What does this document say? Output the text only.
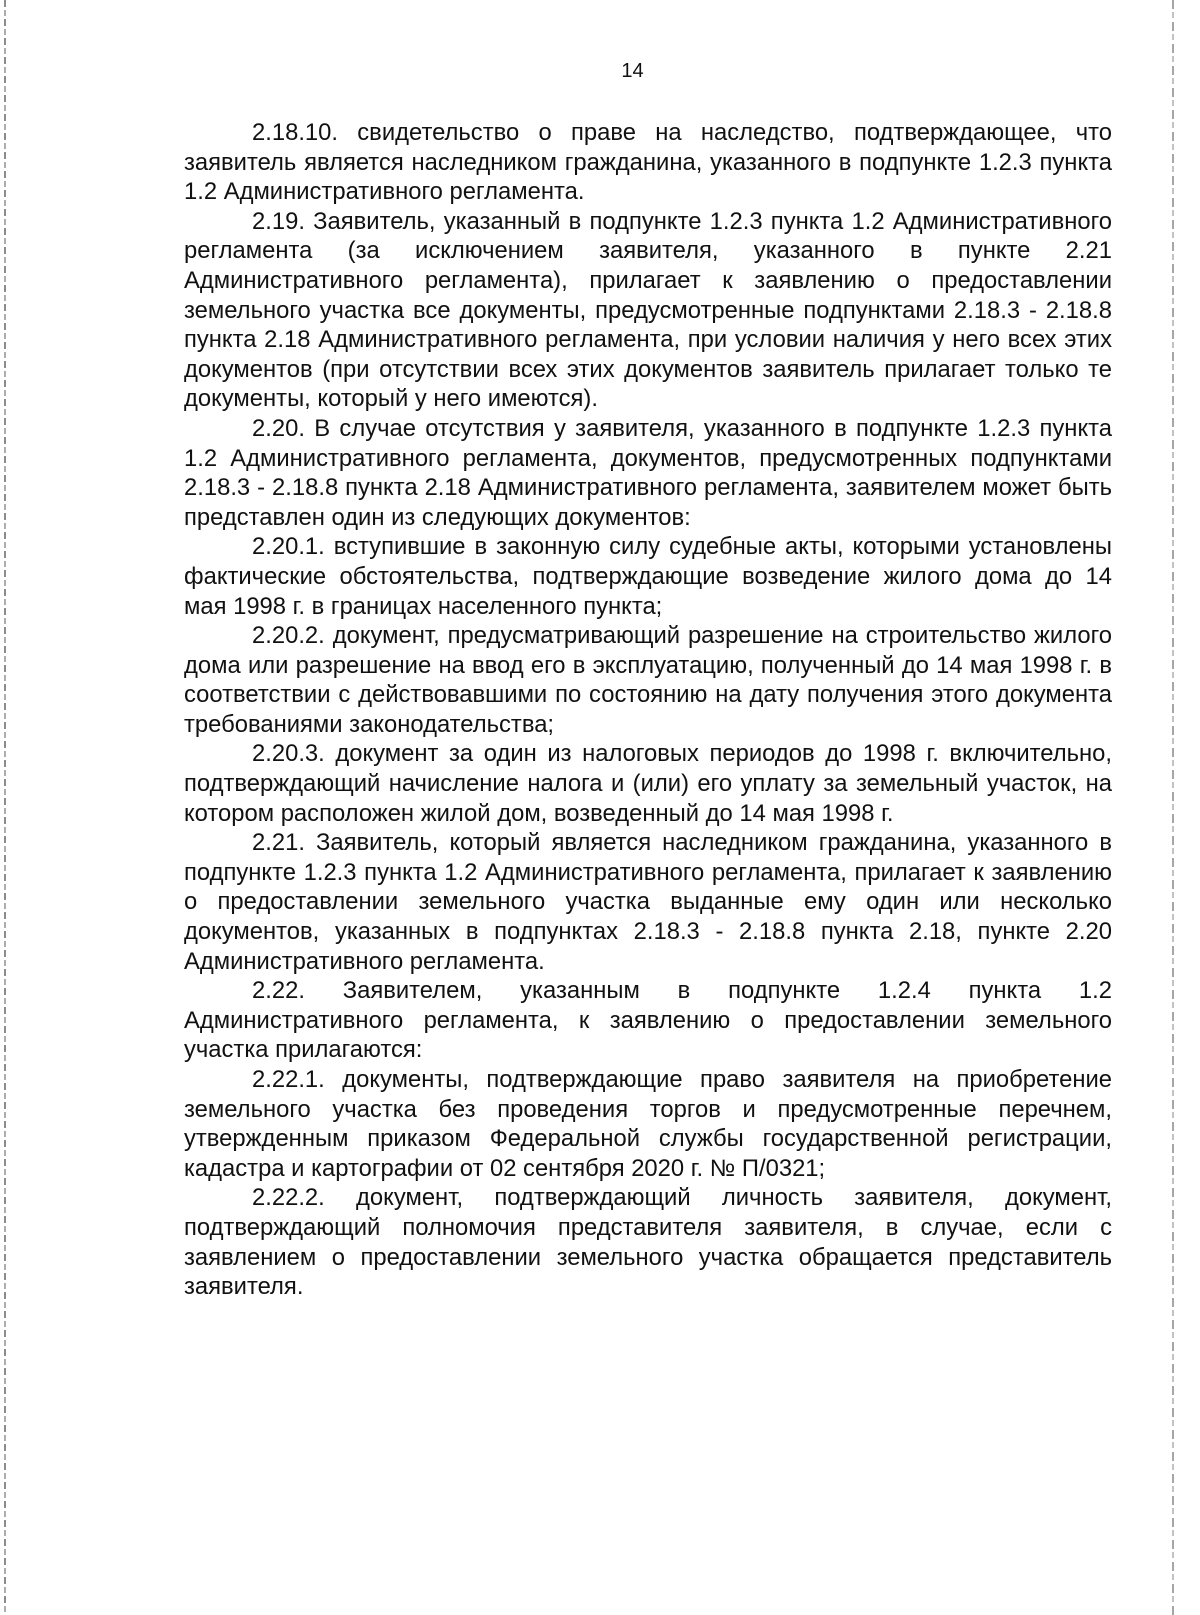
14

2.18.10. свидетельство о праве на наследство, подтверждающее, что заявитель является наследником гражданина, указанного в подпункте 1.2.3 пункта 1.2 Административного регламента.

2.19. Заявитель, указанный в подпункте 1.2.3 пункта 1.2 Административного регламента (за исключением заявителя, указанного в пункте 2.21 Административного регламента), прилагает к заявлению о предоставлении земельного участка все документы, предусмотренные подпунктами 2.18.3 - 2.18.8 пункта 2.18 Административного регламента, при условии наличия у него всех этих документов (при отсутствии всех этих документов заявитель прилагает только те документы, который у него имеются).

2.20. В случае отсутствия у заявителя, указанного в подпункте 1.2.3 пункта 1.2 Административного регламента, документов, предусмотренных подпунктами 2.18.3 - 2.18.8 пункта 2.18 Административного регламента, заявителем может быть представлен один из следующих документов:

2.20.1. вступившие в законную силу судебные акты, которыми установлены фактические обстоятельства, подтверждающие возведение жилого дома до 14 мая 1998 г. в границах населенного пункта;

2.20.2. документ, предусматривающий разрешение на строительство жилого дома или разрешение на ввод его в эксплуатацию, полученный до 14 мая 1998 г. в соответствии с действовавшими по состоянию на дату получения этого документа требованиями законодательства;

2.20.3. документ за один из налоговых периодов до 1998 г. включительно, подтверждающий начисление налога и (или) его уплату за земельный участок, на котором расположен жилой дом, возведенный до 14 мая 1998 г.

2.21. Заявитель, который является наследником гражданина, указанного в подпункте 1.2.3 пункта 1.2 Административного регламента, прилагает к заявлению о предоставлении земельного участка выданные ему один или несколько документов, указанных в подпунктах 2.18.3 - 2.18.8 пункта 2.18, пункте 2.20 Административного регламента.

2.22. Заявителем, указанным в подпункте 1.2.4 пункта 1.2 Административного регламента, к заявлению о предоставлении земельного участка прилагаются:

2.22.1. документы, подтверждающие право заявителя на приобретение земельного участка без проведения торгов и предусмотренные перечнем, утвержденным приказом Федеральной службы государственной регистрации, кадастра и картографии от 02 сентября 2020 г. № П/0321;

2.22.2. документ, подтверждающий личность заявителя, документ, подтверждающий полномочия представителя заявителя, в случае, если с заявлением о предоставлении земельного участка обращается представитель заявителя.
